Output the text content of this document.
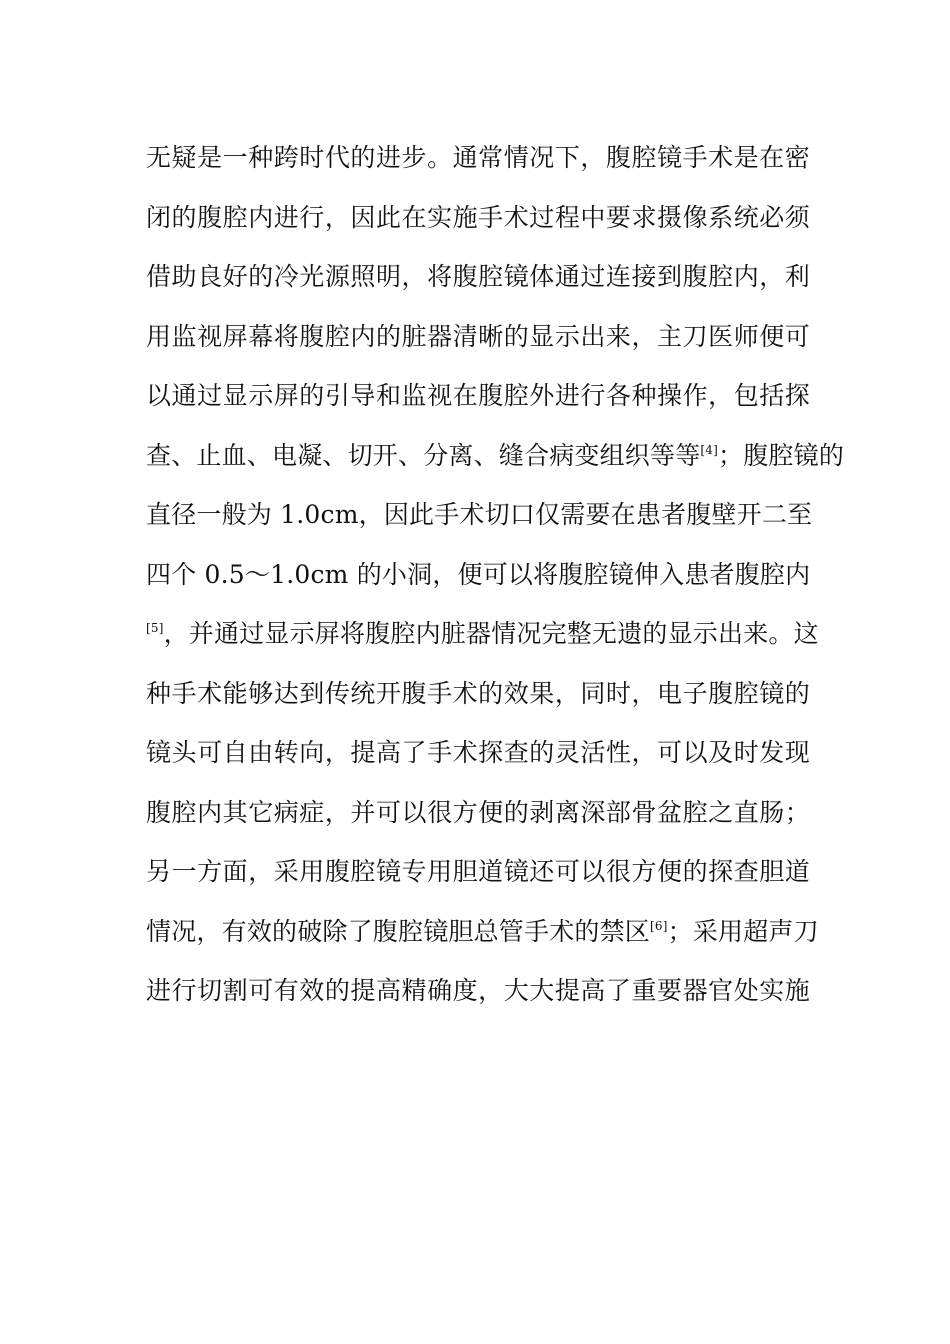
无疑是一种跨时代的进步。通常情况下，腹腔镜手术是在密
闭的腹腔内进行，因此在实施手术过程中要求摄像系统必须
借助良好的冷光源照明，将腹腔镜体通过连接到腹腔内，利
用监视屏幕将腹腔内的脏器清晰的显示出来，主刀医师便可
以通过显示屏的引导和监视在腹腔外进行各种操作，包括探
查、止血、电凝、切开、分离、缝合病变组织等等[4]；腹腔镜的
直径一般为 1.0cm，因此手术切口仅需要在患者腹壁开二至
四个 0.5～1.0cm 的小洞，便可以将腹腔镜伸入患者腹腔内
[5]，并通过显示屏将腹腔内脏器情况完整无遗的显示出来。这
种手术能够达到传统开腹手术的效果，同时，电子腹腔镜的
镜头可自由转向，提高了手术探查的灵活性，可以及时发现
腹腔内其它病症，并可以很方便的剥离深部骨盆腔之直肠；
另一方面，采用腹腔镜专用胆道镜还可以很方便的探查胆道
情况，有效的破除了腹腔镜胆总管手术的禁区[6]；采用超声刀
进行切割可有效的提高精确度，大大提高了重要器官处实施
